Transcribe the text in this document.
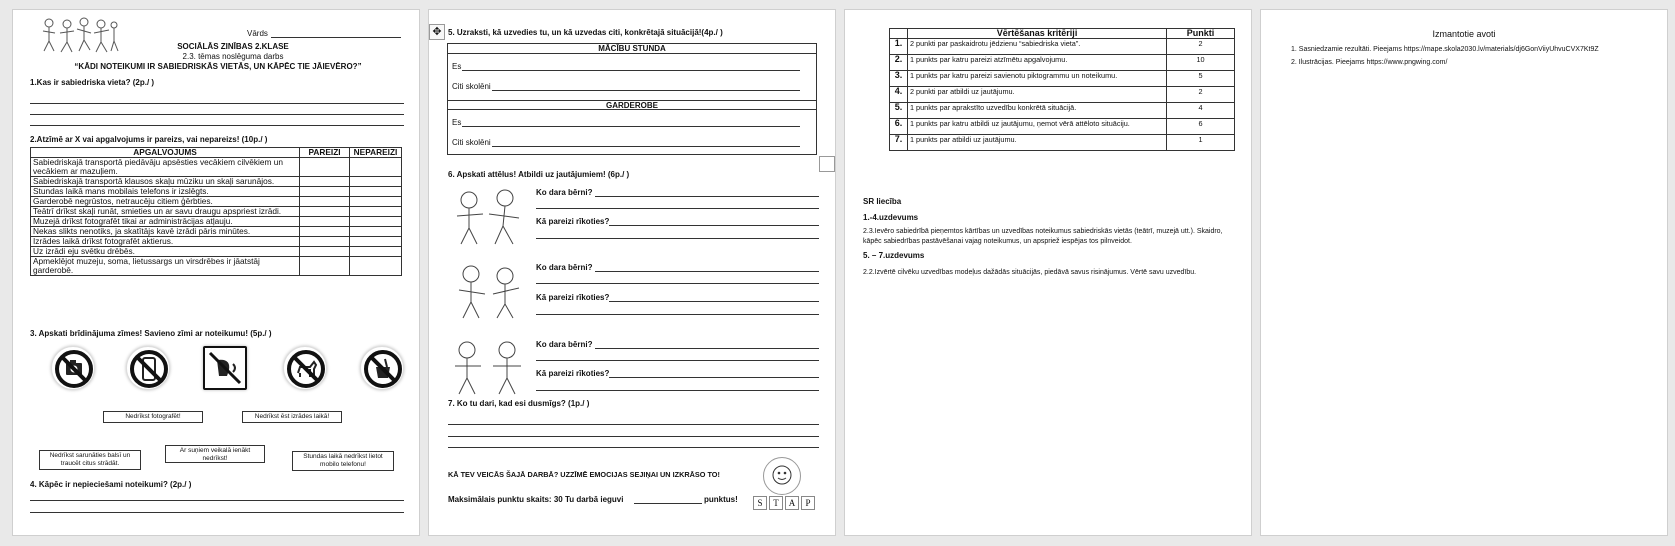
Vārds
SOCIĀLĀS ZINĪBAS 2.KLASE
2.3. tēmas noslēguma darbs
“KĀDI NOTEIKUMI IR SABIEDRISKĀS VIETĀS, UN KĀPĒC TIE JĀIEVĒRO?”
1.Kas ir sabiedriska vieta? (2p./ )
2.Atzīmē ar X vai apgalvojums ir pareizs, vai nepareizs! (10p./ )
APGALVOJUMS	PAREIZI	NEPAREIZI
Sabiedriskajā transportā piedāvāju apsēsties vecākiem cilvēkiem un vecākiem ar mazuļiem.		
Sabiedriskajā transportā klausos skaļu mūziku un skaļi sarunājos.		
Stundas laikā mans mobilais telefons ir izslēgts.		
Garderobē negrūstos, netraucēju citiem ģērbties.		
Teātrī drīkst skaļi runāt, smieties un ar savu draugu apspriest izrādi.		
Muzejā drīkst fotografēt tikai ar administrācijas atļauju.		
Nekas slikts nenotiks, ja skatītājs kavē izrādi pāris minūtes.		
Izrādes laikā drīkst fotografēt aktierus.		
Uz izrādi eju svētku drēbēs.		
Apmeklējot muzeju, soma, lietussargs un virsdrēbes ir jāatstāj garderobē.		
3. Apskati brīdinājuma zīmes! Savieno zīmi ar noteikumu! (5p./ )
Nedrīkst fotografēt!	Nedrīkst ēst izrādes laikā!
Nedrīkst sarunāties balsī un traucēt citus strādāt.
Ar suņiem veikalā ienākt nedrīkst!	Stundas laikā nedrīkst lietot mobilo telefonu!
4. Kāpēc ir nepieciešami noteikumi? (2p./ )
✥ 5. Uzraksti, kā uzvedies tu, un kā uzvedas citi, konkrētajā situācijā!(4p./ )
MĀCĪBU STUNDA
Es
Citi skolēni
GARDEROBE
Es
Citi skolēni
6. Apskati attēlus! Atbildi uz jautājumiem! (6p./ )
Ko dara bērni?
Kā pareizi rīkoties?
Ko dara bērni?
Kā pareizi rīkoties?
Ko dara bērni?
Kā pareizi rīkoties?
7. Ko tu dari, kad esi dusmīgs? (1p./ )
KĀ TEV VEICĀS ŠAJĀ DARBĀ? UZZĪMĒ EMOCIJAS SEJIŅAI UN IZKRĀSO TO!
Maksimālais punktu skaits: 30 Tu darbā ieguvi	punktus!	S	T	A	P
	Vērtēšanas kritēriji	Punkti
1.	2 punkti par paskaidrotu jēdzienu “sabiedriska vieta”.	2
2.	1 punkts par katru pareizi atzīmētu apgalvojumu.	10
3.	1 punkts par katru pareizi savienotu piktogrammu un noteikumu.	5
4.	2 punkti par atbildi uz jautājumu.	2
5.	1 punkts par aprakstīto uzvedību konkrētā situācijā.	4
6.	1 punkts par katru atbildi uz jautājumu, ņemot vērā attēloto situāciju.	6
7.	1 punkts par atbildi uz jautājumu.	1
SR liecība
1.-4.uzdevums
2.3.Ievēro sabiedrībā pieņemtos kārtības un uzvedības noteikumus sabiedriskās vietās (teātrī, muzejā utt.). Skaidro, kāpēc sabiedrības pastāvēšanai vajag noteikumus, un apspriež iespējas tos pilnveidot.
5. – 7.uzdevums
2.2.Izvērtē cilvēku uzvedības modeļus dažādās situācijās, piedāvā savus risinājumus. Vērtē savu uzvedību.
Izmantotie avoti
1. Sasniedzamie rezultāti. Pieejams https://mape.skola2030.lv/materials/dj6GonViiyUhvuCVX7Kt9Z
2. Ilustrācijas. Pieejams https://www.pngwing.com/
